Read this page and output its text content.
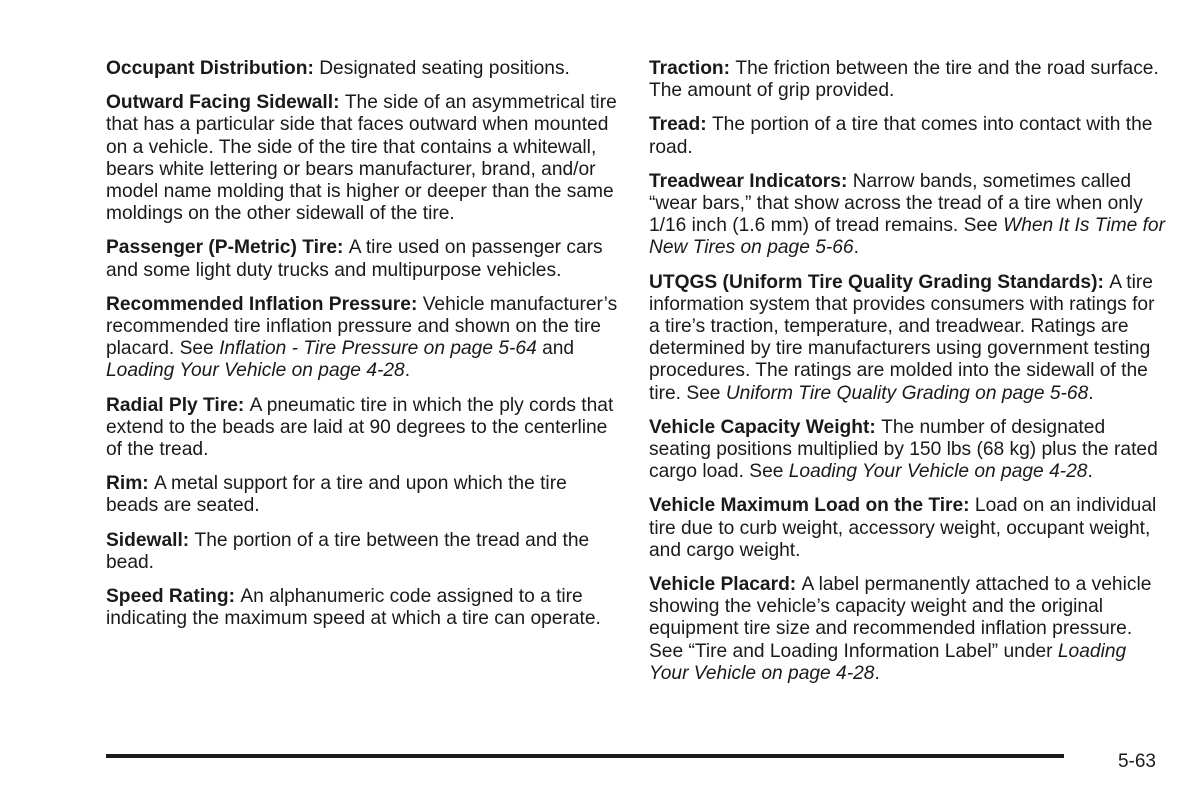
Occupant Distribution: Designated seating positions.

Outward Facing Sidewall: The side of an asymmetrical tire that has a particular side that faces outward when mounted on a vehicle. The side of the tire that contains a whitewall, bears white lettering or bears manufacturer, brand, and/or model name molding that is higher or deeper than the same moldings on the other sidewall of the tire.

Passenger (P-Metric) Tire: A tire used on passenger cars and some light duty trucks and multipurpose vehicles.

Recommended Inflation Pressure: Vehicle manufacturer’s recommended tire inflation pressure and shown on the tire placard. See Inflation - Tire Pressure on page 5-64 and Loading Your Vehicle on page 4-28.

Radial Ply Tire: A pneumatic tire in which the ply cords that extend to the beads are laid at 90 degrees to the centerline of the tread.

Rim: A metal support for a tire and upon which the tire beads are seated.

Sidewall: The portion of a tire between the tread and the bead.

Speed Rating: An alphanumeric code assigned to a tire indicating the maximum speed at which a tire can operate.

Traction: The friction between the tire and the road surface. The amount of grip provided.

Tread: The portion of a tire that comes into contact with the road.

Treadwear Indicators: Narrow bands, sometimes called “wear bars,” that show across the tread of a tire when only 1/16 inch (1.6 mm) of tread remains. See When It Is Time for New Tires on page 5-66.

UTQGS (Uniform Tire Quality Grading Standards): A tire information system that provides consumers with ratings for a tire’s traction, temperature, and treadwear. Ratings are determined by tire manufacturers using government testing procedures. The ratings are molded into the sidewall of the tire. See Uniform Tire Quality Grading on page 5-68.

Vehicle Capacity Weight: The number of designated seating positions multiplied by 150 lbs (68 kg) plus the rated cargo load. See Loading Your Vehicle on page 4-28.

Vehicle Maximum Load on the Tire: Load on an individual tire due to curb weight, accessory weight, occupant weight, and cargo weight.

Vehicle Placard: A label permanently attached to a vehicle showing the vehicle’s capacity weight and the original equipment tire size and recommended inflation pressure. See “Tire and Loading Information Label” under Loading Your Vehicle on page 4-28.

5-63
